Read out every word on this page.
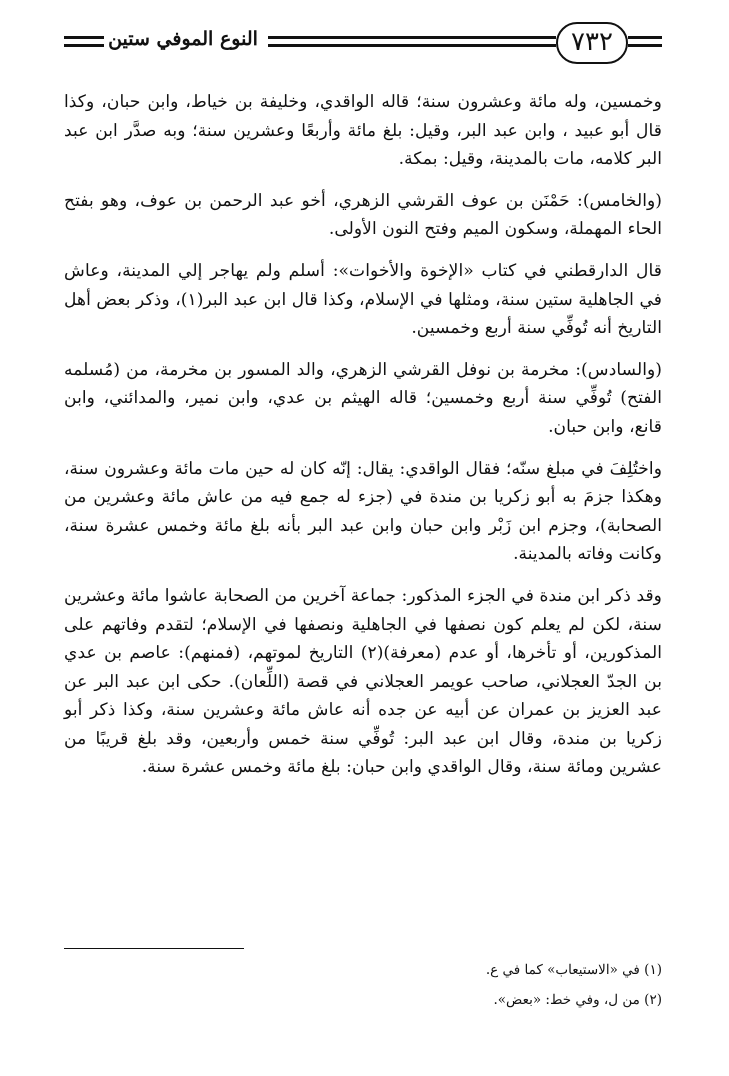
٧٣٢
النوع الموفي ستين

وخمسين، وله مائة وعشرون سنة؛ قاله الواقدي، وخليفة بن خياط، وابن حبان، وكذا قال أبو عبيد ، وابن عبد البر، وقيل: بلغ مائة وأربعًا وعشرين سنة؛ وبه صدَّر ابن عبد البر كلامه، مات بالمدينة، وقيل: بمكة.

(والخامس): حَمْنَن بن عوف القرشي الزهري، أخو عبد الرحمن بن عوف، وهو بفتح الحاء المهملة، وسكون الميم وفتح النون الأولى.

قال الدارقطني في كتاب «الإخوة والأخوات»: أسلم ولم يهاجر إلي المدينة، وعاش في الجاهلية ستين سنة، ومثلها في الإسلام، وكذا قال ابن عبد البر(١)، وذكر بعض أهل التاريخ أنه تُوفِّي سنة أربع وخمسين.

(والسادس): مخرمة بن نوفل القرشي الزهري، والد المسور بن مخرمة، من (مُسلمه الفتح) تُوفِّي سنة أربع وخمسين؛ قاله الهيثم بن عدي، وابن نمير، والمدائني، وابن قانع، وابن حبان.

واختُلِفَ في مبلغ سنّه؛ فقال الواقدي: يقال: إنّه كان له حين مات مائة وعشرون سنة، وهكذا جزمَ به أبو زكريا بن مندة في (جزء له جمع فيه من عاش مائة وعشرين من الصحابة)، وجزم ابن زَبْر وابن حبان وابن عبد البر بأنه بلغ مائة وخمس عشرة سنة، وكانت وفاته بالمدينة.

وقد ذكر ابن مندة في الجزء المذكور: جماعة آخرين من الصحابة عاشوا مائة وعشرين سنة، لكن لم يعلم كون نصفها في الجاهلية ونصفها في الإسلام؛ لتقدم وفاتهم على المذكورين، أو تأخرها، أو عدم (معرفة)(٢) التاريخ لموتهم، (فمنهم): عاصم بن عدي بن الجدّ العجلاني، صاحب عويمر العجلاني في قصة (اللِّعان). حكى ابن عبد البر عن عبد العزيز بن عمران عن أبيه عن جده أنه عاش مائة وعشرين سنة، وكذا ذكر أبو زكريا بن مندة، وقال ابن عبد البر: تُوفِّي سنة خمس وأربعين، وقد بلغ قريبًا من عشرين ومائة سنة، وقال الواقدي وابن حبان: بلغ مائة وخمس عشرة سنة.

(١) في «الاستيعاب» كما في ع.
(٢) من ل، وفي خط: «بعض».
